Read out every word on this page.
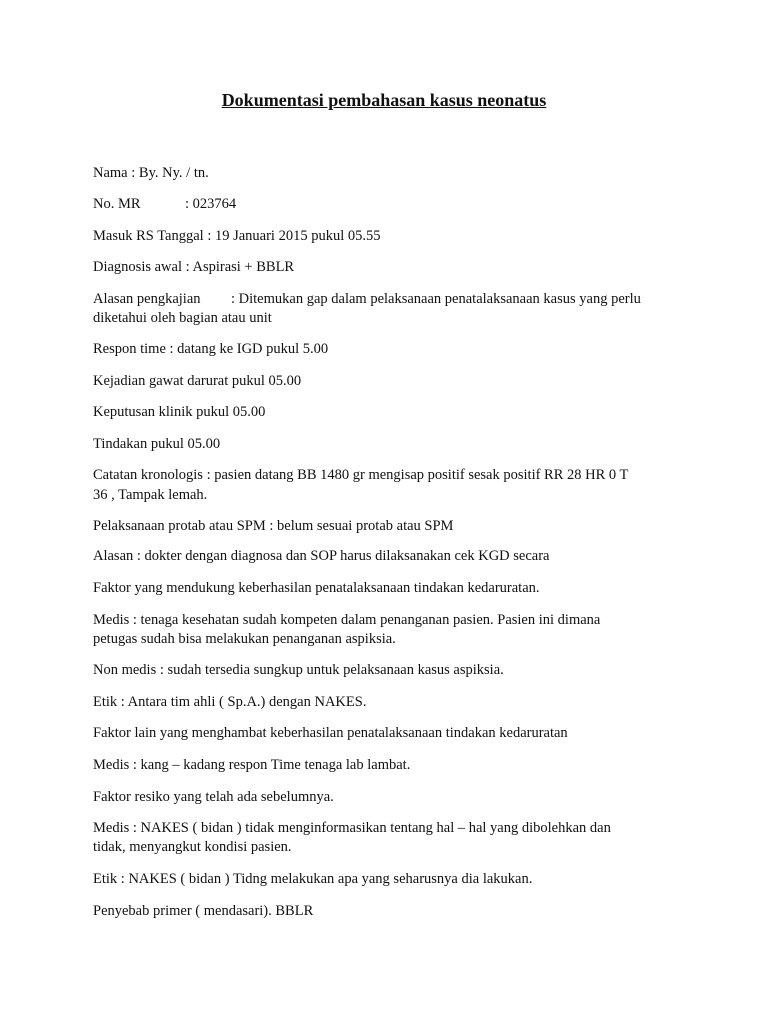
Dokumentasi pembahasan kasus neonatus
Nama : By. Ny. / tn.
No. MR	: 023764
Masuk RS Tanggal : 19 Januari 2015 pukul 05.55
Diagnosis awal : Aspirasi + BBLR
Alasan pengkajian : Ditemukan gap dalam pelaksanaan penatalaksanaan kasus yang perlu
diketahui oleh bagian atau unit
Respon time : datang ke IGD pukul 5.00
Kejadian gawat darurat pukul 05.00
Keputusan klinik pukul 05.00
Tindakan pukul 05.00
Catatan kronologis : pasien datang BB 1480 gr mengisap positif sesak positif RR 28 HR 0 T
36 , Tampak lemah.
Pelaksanaan protab atau SPM : belum sesuai protab atau SPM
Alasan : dokter dengan diagnosa dan SOP harus dilaksanakan cek KGD secara
Faktor yang mendukung keberhasilan penatalaksanaan tindakan kedaruratan.
Medis : tenaga kesehatan sudah kompeten dalam penanganan pasien. Pasien ini dimana
petugas sudah bisa melakukan penanganan aspiksia.
Non medis : sudah tersedia sungkup untuk pelaksanaan kasus aspiksia.
Etik : Antara tim ahli ( Sp.A.) dengan NAKES.
Faktor lain yang menghambat keberhasilan penatalaksanaan tindakan kedaruratan
Medis : kang – kadang respon Time tenaga lab lambat.
Faktor resiko yang telah ada sebelumnya.
Medis : NAKES ( bidan ) tidak menginformasikan tentang hal – hal yang dibolehkan dan
tidak, menyangkut kondisi pasien.
Etik : NAKES ( bidan ) Tidng melakukan apa yang seharusnya dia lakukan.
Penyebab primer ( mendasari). BBLR
